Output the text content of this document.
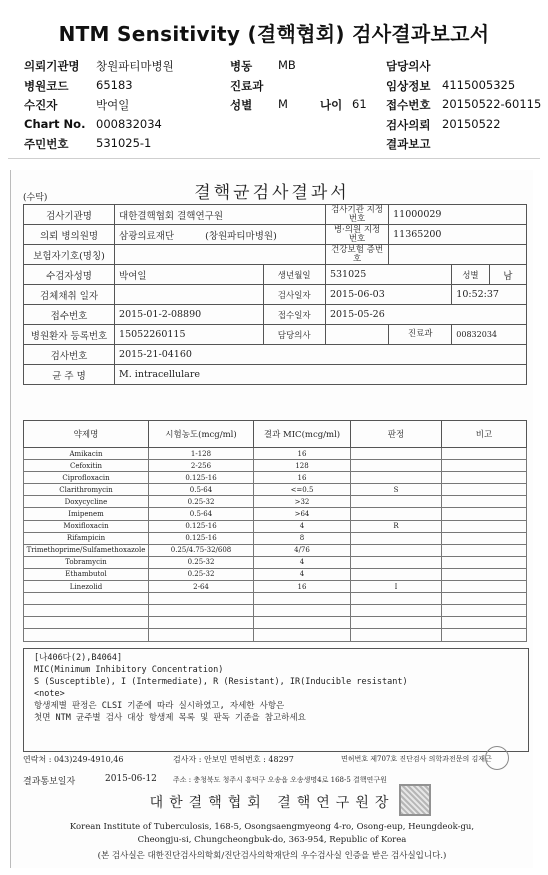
NTM Sensitivity (결핵협회) 검사결과보고서
의뢰기관명 창원파티마병원	병동 MB	담당의사
병원코드 65183	진료과	임상정보 4115005325
수진자	박여일	성별 M	나이 61 접수번호 20150522-60115
Chart No. 000832034	검사의뢰 20150522
주민번호 531025-1	결과보고
결핵균검사결과서
(수탁)
검사기관명	대한결핵협회 결핵연구원		검사기관 지정번호	11000029		
의뢰 병의원명	삼광의료재단 (창원파티마병원)		병·의원 지정번호	11365200		
보험자기호(명칭)			건강보험 증번호			
수검자성명	박여일	생년월일	531025		성별	남
검체채취 일자		검사일자	2015-06-03		10:52:37	
접수번호	2015-01-2-08890	접수일자	2015-05-26			
병원환자 등록번호	15052260115	담당의사		진료과	00832034	
검사번호	2015-21-04160					
균 주 명	M. intracellulare					
약제명	시험농도(mcg/ml)	결과 MIC(mcg/ml)	판정	비고
Amikacin	1-128	16		
Cefoxitin	2-256	128		
Ciprofloxacin	0.125-16	16		
Clarithromycin	0.5-64	<=0.5	S	
Doxycycline	0.25-32	>32		
Imipenem	0.5-64	>64		
Moxifloxacin	0.125-16	4	R	
Rifampicin	0.125-16	8		
Trimethoprime/Sulfamethoxazole	0.25/4.75-32/608	4/76		
Tobramycin	0.25-32	4		
Ethambutol	0.25-32	4		
Linezolid	2-64	16	I	

[나406다(2),B4064]
MIC(Minimum Inhibitory Concentration)
S (Susceptible), I (Intermediate), R (Resistant), IR(Inducible resistant)
<note>
항생제별 판정은 CLSI 기준에 따라 실시하였고, 자세한 사항은
첫면 NTM 균주별 검사 대상 항생제 목록 및 판독 기준을 참고하세요
연락처 : 043)249-4910,46	검사자 : 안보민 면허번호 : 48297	면허번호 제707호 진단검사 의학과전문의 김재근
결과통보일자	2015-06-12 주소 : 충청북도 청주시 흥덕구 오송읍 오송생명4로 168-5 결핵연구원
대한결핵협회 결핵연구원장
Korean Institute of Tuberculosis, 168-5, Osongsaengmyeong 4-ro, Osong-eup, Heungdeok-gu,
Cheongju-si, Chungcheongbuk-do, 363-954, Republic of Korea
(본 검사실은 대한진단검사의학회/진단검사의학재단의 우수검사실 인증을 받은 검사실입니다.)
